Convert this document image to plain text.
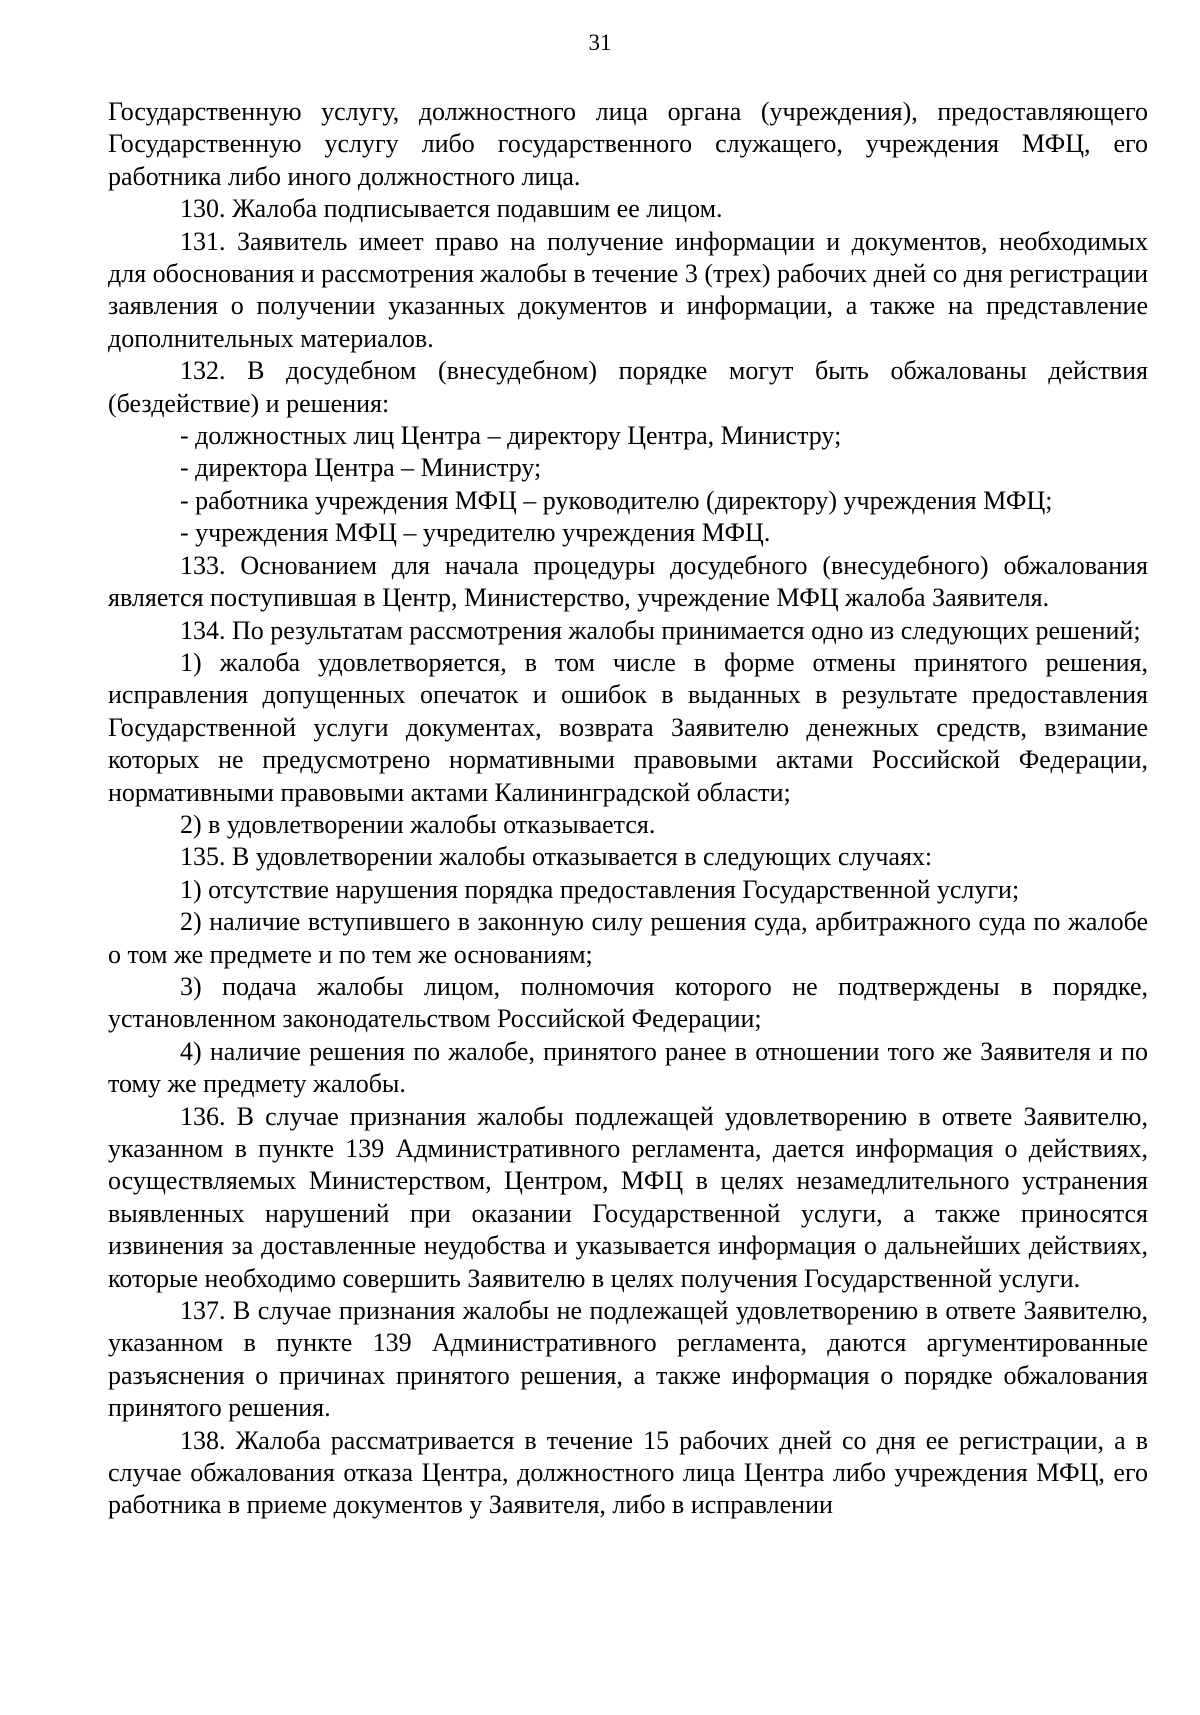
31

Государственную услугу, должностного лица органа (учреждения), предоставляющего Государственную услугу либо государственного служащего, учреждения МФЦ, его работника либо иного должностного лица.

130. Жалоба подписывается подавшим ее лицом.

131. Заявитель имеет право на получение информации и документов, необходимых для обоснования и рассмотрения жалобы в течение 3 (трех) рабочих дней со дня регистрации заявления о получении указанных документов и информации, а также на представление дополнительных материалов.

132. В досудебном (внесудебном) порядке могут быть обжалованы действия (бездействие) и решения:

- должностных лиц Центра – директору Центра, Министру;

- директора Центра – Министру;

- работника учреждения МФЦ – руководителю (директору) учреждения МФЦ;

- учреждения МФЦ – учредителю учреждения МФЦ.

133. Основанием для начала процедуры досудебного (внесудебного) обжалования является поступившая в Центр, Министерство, учреждение МФЦ жалоба Заявителя.

134. По результатам рассмотрения жалобы принимается одно из следующих решений;

1) жалоба удовлетворяется, в том числе в форме отмены принятого решения, исправления допущенных опечаток и ошибок в выданных в результате предоставления Государственной услуги документах, возврата Заявителю денежных средств, взимание которых не предусмотрено нормативными правовыми актами Российской Федерации, нормативными правовыми актами Калининградской области;

2) в удовлетворении жалобы отказывается.

135. В удовлетворении жалобы отказывается в следующих случаях:

1) отсутствие нарушения порядка предоставления Государственной услуги;

2) наличие вступившего в законную силу решения суда, арбитражного суда по жалобе о том же предмете и по тем же основаниям;

3) подача жалобы лицом, полномочия которого не подтверждены в порядке, установленном законодательством Российской Федерации;

4) наличие решения по жалобе, принятого ранее в отношении того же Заявителя и по тому же предмету жалобы.

136. В случае признания жалобы подлежащей удовлетворению в ответе Заявителю, указанном в пункте 139 Административного регламента, дается информация о действиях, осуществляемых Министерством, Центром, МФЦ в целях незамедлительного устранения выявленных нарушений при оказании Государственной услуги, а также приносятся извинения за доставленные неудобства и указывается информация о дальнейших действиях, которые необходимо совершить Заявителю в целях получения Государственной услуги.

137. В случае признания жалобы не подлежащей удовлетворению в ответе Заявителю, указанном в пункте 139 Административного регламента, даются аргументированные разъяснения о причинах принятого решения, а также информация о порядке обжалования принятого решения.

138. Жалоба рассматривается в течение 15 рабочих дней со дня ее регистрации, а в случае обжалования отказа Центра, должностного лица Центра либо учреждения МФЦ, его работника в приеме документов у Заявителя, либо в исправлении
